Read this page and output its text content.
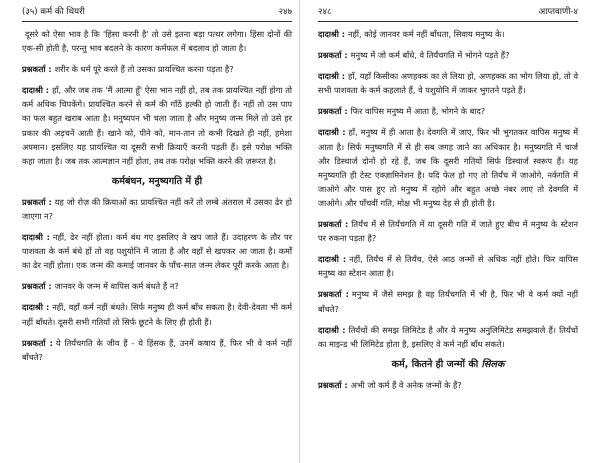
(३५) कर्म की थियरी	२४७

दूसरे को ऐसा भाव है कि 'हिंसा करनी है' तो उसे इतना बड़ा पत्थर लगेगा। हिंसा दोनों की एक-सी होती है, परन्तु भाव बदलने के कारण कर्मफल में बदलाव हो जाता है।

प्रश्नकर्ता : शरीर के धर्म पूरे करते हैं तो उसका प्रायश्चित करना पड़ता है?

दादाश्री : हाँ, और जब तक 'मैं आत्मा हूँ' ऐसा भान नहीं हो, तब तक प्रायश्चित नहीं होगा तो कर्म अधिक चिपकेंगे। प्रायश्चित करने से कर्म की गाँठें हल्की हो जाती हैं। नहीं तो उस पाप का फल बहुत खराब आता है। मनुष्यपन भी चला जाता है और मनुष्य जन्म मिले तो उसे हर प्रकार की अड़चनें आती हैं। खाने को, पीने को, मान-तान तो कभी दिखते ही नहीं, हमेशा अपमान। इसलिए यह प्रायश्चित या दूसरी सभी क्रियाएँ करनी पड़ती हैं। इसे परोक्ष भक्ति कहा जाता है। जब तक आत्मज्ञान नहीं होता, तब तक परोक्ष भक्ति करने की ज़रूरत है।

कर्मबंधन, मनुष्यगति में ही

प्रश्नकर्ता : यह जो रोज़ की क्रियाओं का प्रायश्चित नहीं करें तो लम्बे अंतराल में उसका ढेर हो जाएगा न?

दादाश्री : नहीं, ढेर नहीं होता। कर्म बंध गए इसलिए वे खप जाते हैं। उदाहरण के तौर पर पाशवता के कर्म बंधे हों तो वह पशुयोनि में जाता है और वहाँ से खपकर आ जाता है। कर्मों का ढेर नहीं होता। एक जन्म की कमाई जानवर के पाँच-सात जन्म लेकर पूरी करके आता है।

प्रश्नकर्ता : जानवर के जन्म में वापिस कर्म बंधते हैं न?

दादाश्री : नहीं, वहाँ कर्म नहीं बंधते। सिर्फ मनुष्य ही कर्म बाँध सकता है। देवी-देवता भी कर्म नहीं बाँधते। दूसरी सभी गतियाँ तो सिर्फ छूटने के लिए ही होती हैं।

प्रश्नकर्ता : ये तिर्यंचगति के जीव हैं - ये हिंसक हैं, उनमें कषाय हैं, फिर भी वे कर्म नहीं बाँधते?

२४८	आप्तवाणी-४

दादाश्री : नहीं, कोई जानवर कर्म नहीं बाँधता, सिवाय मनुष्य के।

प्रश्नकर्ता : मनुष्य में जो कर्म बाँधे, वे तिर्यंचगति में भोगने पड़ते हैं?

दादाश्री : हाँ, यहाँ किसीका अणहक्क का ले लिया हो, अणहक्क का भोग लिया हो, तो वे सभी पाशवता के कर्म कहलाते हैं, वे पशुयोनि में जाकर भुगतने पड़ते हैं।

प्रश्नकर्ता : फिर वापिस मनुष्य में आता है, भोगने के बाद?

दादाश्री : हाँ, मनुष्य में ही आता है। देवगति में जाए, फिर भी भुगतकर वापिस मनुष्य में आता है। सिर्फ मनुष्यगति में से ही सब जगह जाने का अधिकार है। मनुष्यगति में चार्ज और डिस्चार्ज दोनों हो रहे हैं, जब कि दूसरी गतियों सिर्फ डिस्चार्ज स्वरूप हैं। यह मनुष्यगति ही टेस्ट एक्ज़ामिनेशन है। यदि फेल हो गए तो तिर्यंच में जाओगे, नर्कगति में जाओगे और पास हुए तो मनुष्य में रहोगे और बहुत अच्छे नंबर लाए तो देवगति में जाओगे। और पाँचवीं गति, मोक्ष भी मनुष्य देह से ही होती है।

प्रश्नकर्ता : तिर्यंच में से तिर्यंचगति में या दूसरी गति में जाते हुए बीच में मनुष्य के स्टेशन पर रुकना पड़ता है?

दादाश्री : नहीं, तिर्यंच में से तिर्यंच, ऐसे आठ जन्मों से अधिक नहीं होते। फिर वापिस मनुष्य का स्टेशन आता है।

प्रश्नकर्ता : मनुष्य में जैसे समझ है वह तिर्यंचगति में भी है, फिर भी वे कर्म क्यों नहीं बाँधते?

दादाश्री : तिर्यंचों की समझ लिमिटेड है और ये मनुष्य अनुलिमिटेड समझवाले हैं। तिर्यंचों का माइन्ड भी लिमिटेड होता है, इसलिए वे कर्म नहीं बाँध सकते।

कर्म, कितने ही जन्मों की सिलक

प्रश्नकर्ता : अभी जो कर्म हैं वे अनेक जन्मों के हैं?
